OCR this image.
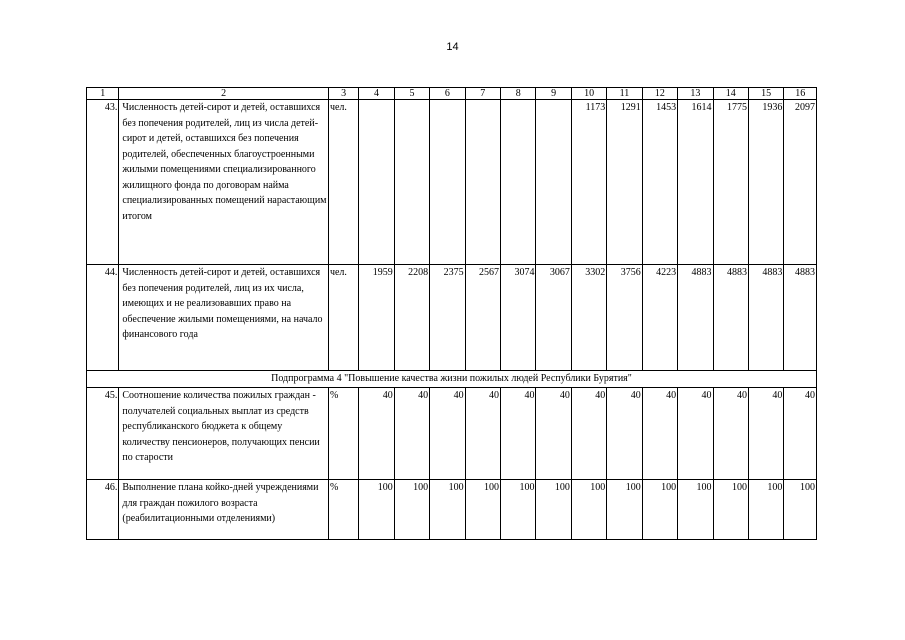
14
1	2	3	4	5	6	7	8	9	10	11	12	13	14	15	16
43.	Численность детей-сирот и детей, оставшихся без попечения родителей, лиц из числа детей-сирот и детей, оставшихся без попечения родителей, обеспеченных благоустроенными жилыми помещениями специализированного жилищного фонда по договорам найма специализированных помещений нарастающим итогом	чел.							1173	1291	1453	1614	1775	1936	2097
44.	Численность детей-сирот и детей, оставшихся без попечения родителей, лиц из их числа, имеющих и не реализовавших право на обеспечение жилыми помещениями, на начало финансового года	чел.	1959	2208	2375	2567	3074	3067	3302	3756	4223	4883	4883	4883	4883
Подпрограмма 4 "Повышение качества жизни пожилых людей Республики Бурятия"															
45.	Соотношение количества пожилых граждан - получателей социальных выплат из средств республиканского бюджета к общему количеству пенсионеров, получающих пенсии по старости	%	40	40	40	40	40	40	40	40	40	40	40	40	40
46.	Выполнение плана койко-дней учреждениями для граждан пожилого возраста (реабилитационными отделениями)	%	100	100	100	100	100	100	100	100	100	100	100	100	100
